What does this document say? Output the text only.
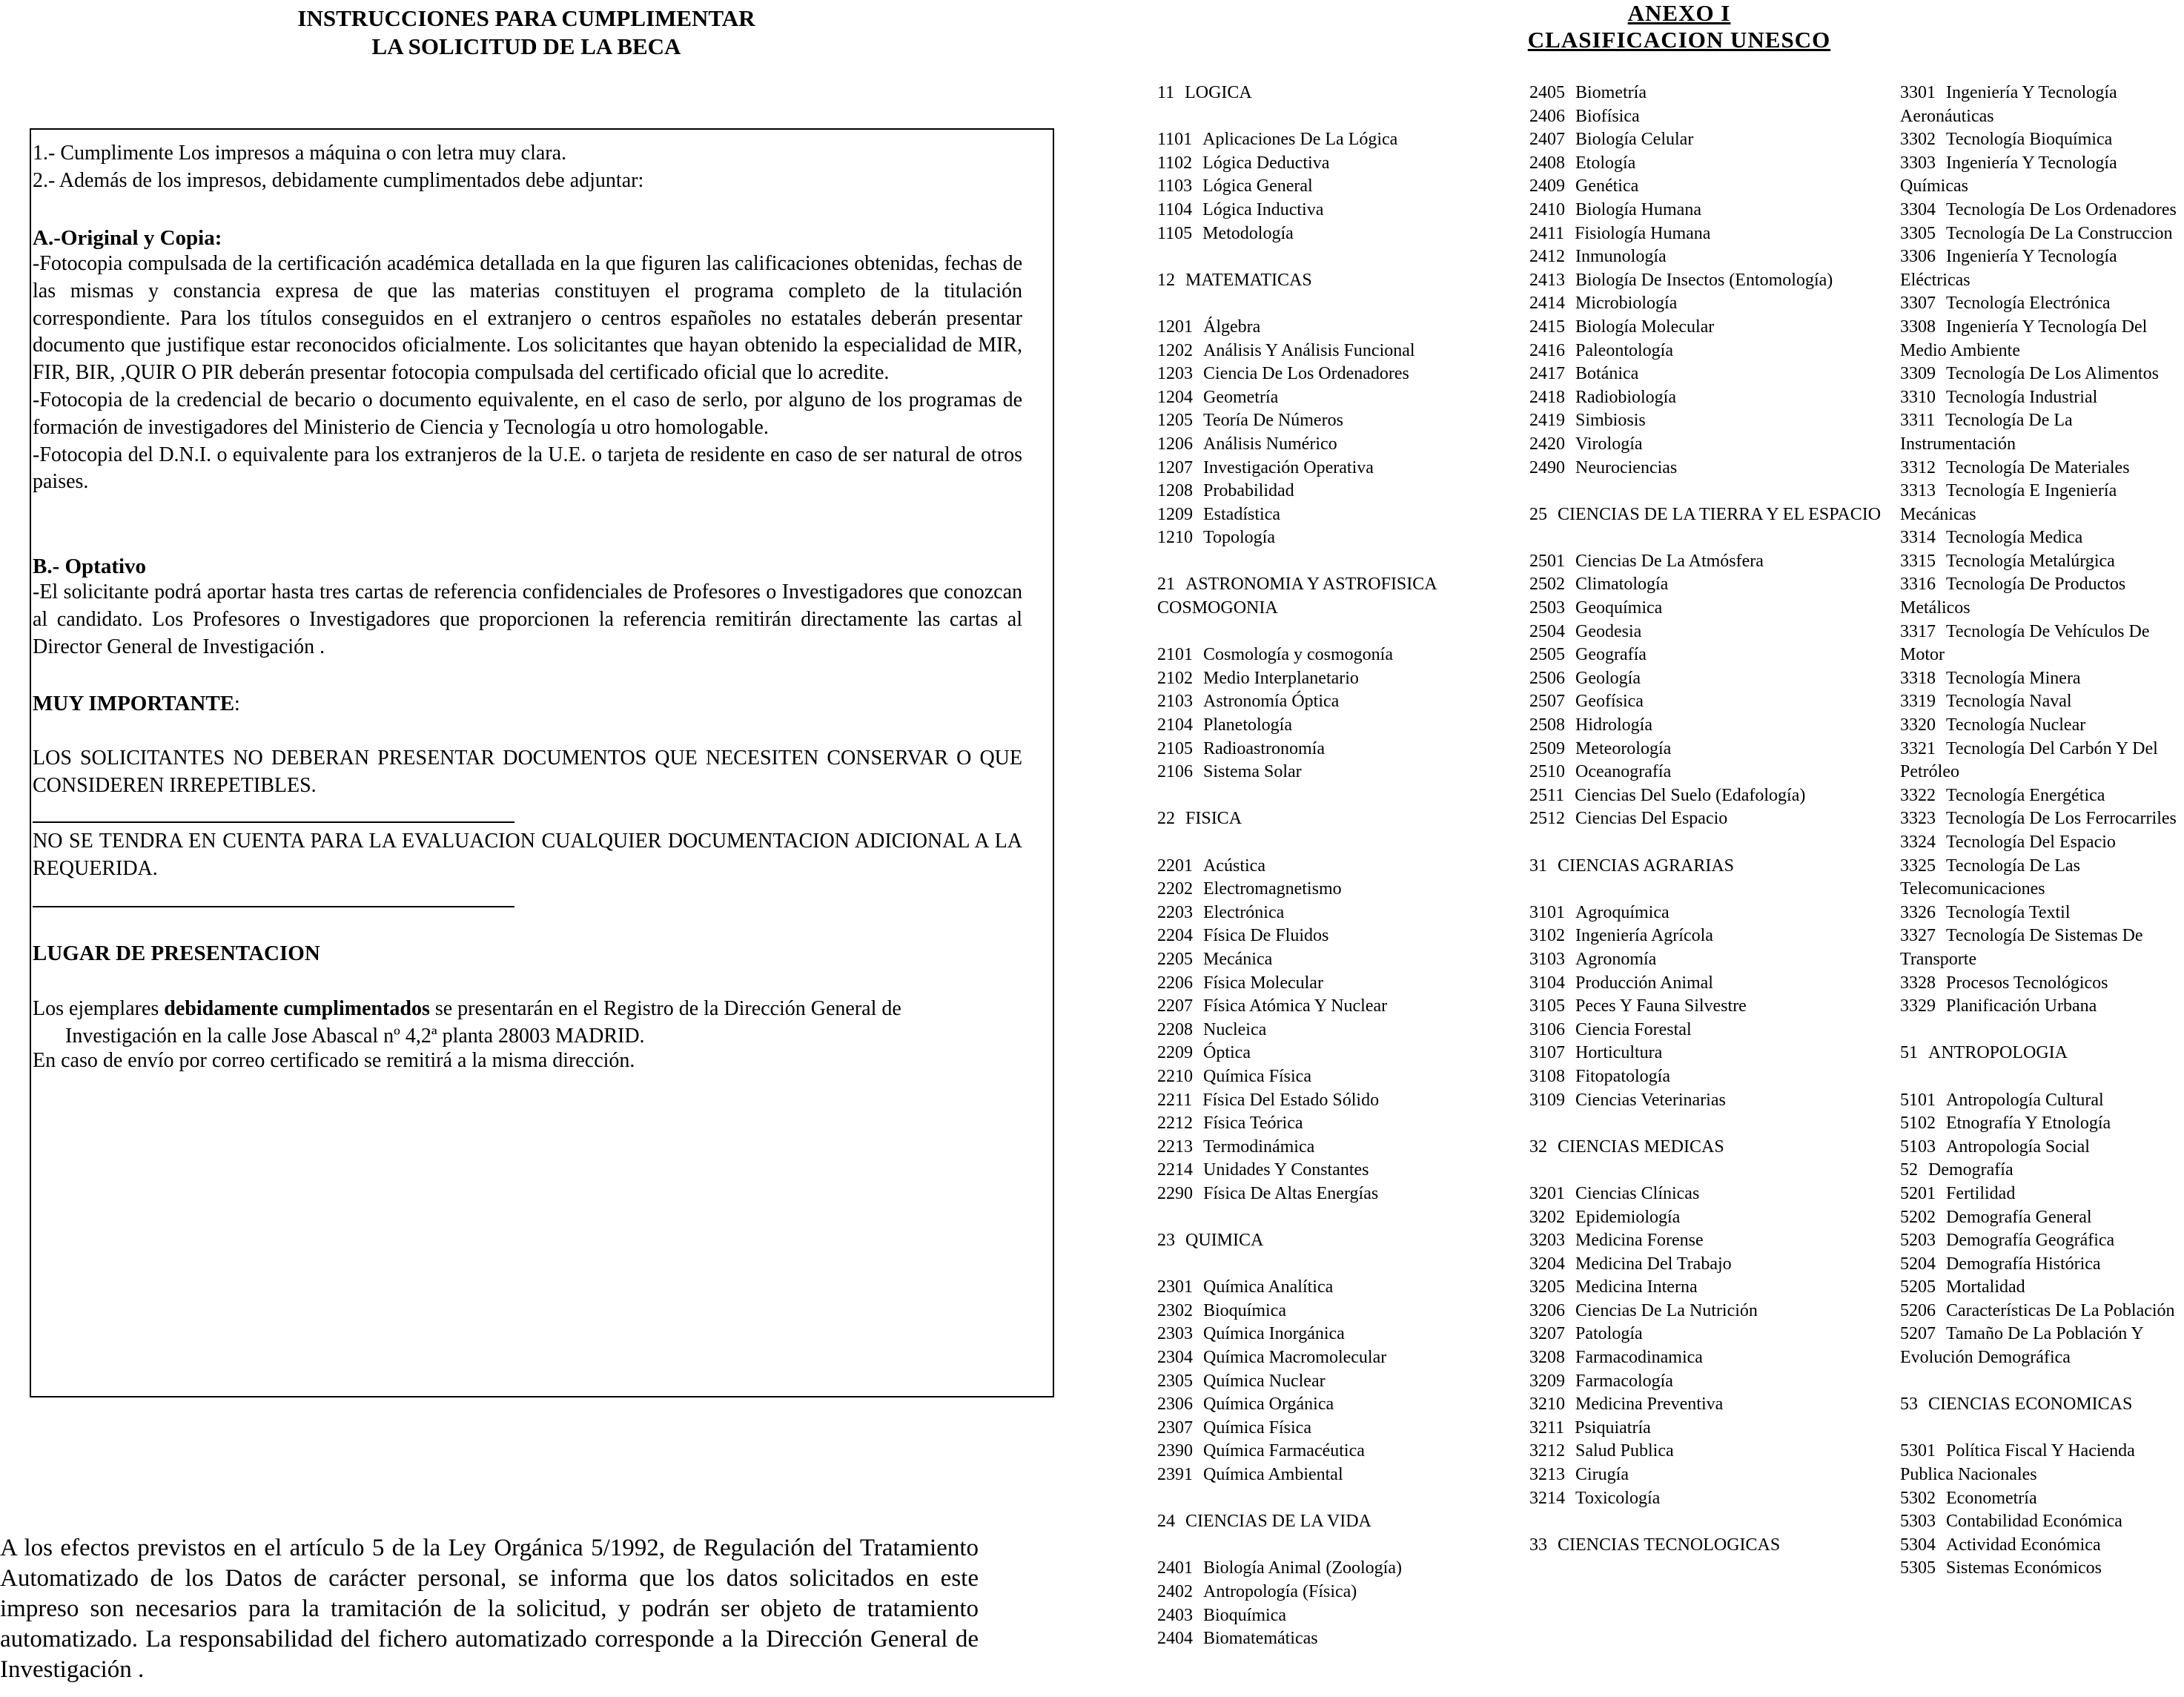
INSTRUCCIONES PARA CUMPLIMENTAR
LA SOLICITUD DE LA BECA
1.- Cumplimente Los impresos a máquina o con letra muy clara.
2.- Además de los impresos, debidamente cumplimentados debe adjuntar:
A.-Original y Copia:

-Fotocopia compulsada de la certificación académica detallada en la que figuren las calificaciones obtenidas, fechas de las mismas y constancia expresa de que las materias constituyen el programa completo de la titulación correspondiente. Para los títulos conseguidos en el extranjero o centros españoles no estatales deberán presentar documento que justifique estar reconocidos oficialmente. Los solicitantes que hayan obtenido la especialidad de MIR, FIR, BIR, ,QUIR O PIR deberán presentar fotocopia compulsada del certificado oficial que lo acredite.

-Fotocopia de la credencial de becario o documento equivalente, en el caso de serlo, por alguno de los programas de formación de investigadores del Ministerio de Ciencia y Tecnología u otro homologable.

-Fotocopia del D.N.I. o equivalente para los extranjeros de la U.E. o tarjeta de residente en caso de ser natural de otros paises.

B.- Optativo
-El solicitante podrá aportar hasta tres cartas de referencia confidenciales de Profesores o Investigadores que conozcan al candidato. Los Profesores o Investigadores que proporcionen la referencia remitirán directamente las cartas al Director General de Investigación .
MUY IMPORTANTE:
LOS SOLICITANTES NO DEBERAN PRESENTAR DOCUMENTOS QUE NECESITEN CONSERVAR O QUE CONSIDEREN IRREPETIBLES.
NO SE TENDRA EN CUENTA PARA LA EVALUACION CUALQUIER DOCUMENTACION ADICIONAL A LA REQUERIDA.
LUGAR DE PRESENTACION
Los ejemplares debidamente cumplimentados se presentarán en el Registro de la Dirección General de
Investigación en la calle Jose Abascal nº 4,2ª planta 28003 MADRID.
En caso de envío por correo certificado se remitirá a la misma dirección.

A los efectos previstos en el artículo 5 de la Ley Orgánica 5/1992, de Regulación del Tratamiento Automatizado de los Datos de carácter personal, se informa que los datos solicitados en este impreso son necesarios para la tramitación de la solicitud, y podrán ser objeto de tratamiento automatizado. La responsabilidad del fichero automatizado corresponde a la Dirección General de Investigación .

ANEXO I
CLASIFICACION UNESCO
11 LOGICA
1101 Aplicaciones De La Lógica
1102 Lógica Deductiva
1103 Lógica General
1104 Lógica Inductiva
1105 Metodología
12 MATEMATICAS
1201 Álgebra
1202 Análisis Y Análisis Funcional
1203 Ciencia De Los Ordenadores
1204 Geometría
1205 Teoría De Números
1206 Análisis Numérico
1207 Investigación Operativa
1208 Probabilidad
1209 Estadística
1210 Topología
21 ASTRONOMIA Y ASTROFISICA COSMOGONIA
2101 Cosmología y cosmogonía
2102 Medio Interplanetario
2103 Astronomía Óptica
2104 Planetología
2105 Radioastronomía
2106 Sistema Solar
22 FISICA
2201 Acústica
2202 Electromagnetismo
2203 Electrónica
2204 Física De Fluidos
2205 Mecánica
2206 Física Molecular
2207 Física Atómica Y Nuclear
2208 Nucleica
2209 Óptica
2210 Química Física
2211 Física Del Estado Sólido
2212 Física Teórica
2213 Termodinámica
2214 Unidades Y Constantes
2290 Física De Altas Energías
23 QUIMICA
2301 Química Analítica
2302 Bioquímica
2303 Química Inorgánica
2304 Química Macromolecular
2305 Química Nuclear
2306 Química Orgánica
2307 Química Física
2390 Química Farmacéutica
2391 Química Ambiental
24 CIENCIAS DE LA VIDA
2401 Biología Animal (Zoología)
2402 Antropología (Física)
2403 Bioquímica
2404 Biomatemáticas
2405 Biometría
2406 Biofísica
2407 Biología Celular
2408 Etología
2409 Genética
2410 Biología Humana
2411 Fisiología Humana
2412 Inmunología
2413 Biología De Insectos (Entomología)
2414 Microbiología
2415 Biología Molecular
2416 Paleontología
2417 Botánica
2418 Radiobiología
2419 Simbiosis
2420 Virología
2490 Neurociencias
25 CIENCIAS DE LA TIERRA Y EL ESPACIO
2501 Ciencias De La Atmósfera
2502 Climatología
2503 Geoquímica
2504 Geodesia
2505 Geografía
2506 Geología
2507 Geofísica
2508 Hidrología
2509 Meteorología
2510 Oceanografía
2511 Ciencias Del Suelo (Edafología)
2512 Ciencias Del Espacio
31 CIENCIAS AGRARIAS
3101 Agroquímica
3102 Ingeniería Agrícola
3103 Agronomía
3104 Producción Animal
3105 Peces Y Fauna Silvestre
3106 Ciencia Forestal
3107 Horticultura
3108 Fitopatología
3109 Ciencias Veterinarias
32 CIENCIAS MEDICAS
3201 Ciencias Clínicas
3202 Epidemiología
3203 Medicina Forense
3204 Medicina Del Trabajo
3205 Medicina Interna
3206 Ciencias De La Nutrición
3207 Patología
3208 Farmacodinamica
3209 Farmacología
3210 Medicina Preventiva
3211 Psiquiatría
3212 Salud Publica
3213 Cirugía
3214 Toxicología
33 CIENCIAS TECNOLOGICAS
3301 Ingeniería Y Tecnología Aeronáuticas
3302 Tecnología Bioquímica
3303 Ingeniería Y Tecnología Químicas
3304 Tecnología De Los Ordenadores
3305 Tecnología De La Construccion
3306 Ingeniería Y Tecnología Eléctricas
3307 Tecnología Electrónica
3308 Ingeniería Y Tecnología Del Medio Ambiente
3309 Tecnología De Los Alimentos
3310 Tecnología Industrial
3311 Tecnología De La Instrumentación
3312 Tecnología De Materiales
3313 Tecnología E Ingeniería Mecánicas
3314 Tecnología Medica
3315 Tecnología Metalúrgica
3316 Tecnología De Productos Metálicos
3317 Tecnología De Vehículos De Motor
3318 Tecnología Minera
3319 Tecnología Naval
3320 Tecnología Nuclear
3321 Tecnología Del Carbón Y Del Petróleo
3322 Tecnología Energética
3323 Tecnología De Los Ferrocarriles
3324 Tecnología Del Espacio
3325 Tecnología De Las Telecomunicaciones
3326 Tecnología Textil
3327 Tecnología De Sistemas De Transporte
3328 Procesos Tecnológicos
3329 Planificación Urbana
51 ANTROPOLOGIA
5101 Antropología Cultural
5102 Etnografía Y Etnología
5103 Antropología Social
52 Demografía
5201 Fertilidad
5202 Demografía General
5203 Demografía Geográfica
5204 Demografía Histórica
5205 Mortalidad
5206 Características De La Población
5207 Tamaño De La Población Y Evolución Demográfica
53 CIENCIAS ECONOMICAS
5301 Política Fiscal Y Hacienda Publica Nacionales
5302 Econometría
5303 Contabilidad Económica
5304 Actividad Económica
5305 Sistemas Económicos
